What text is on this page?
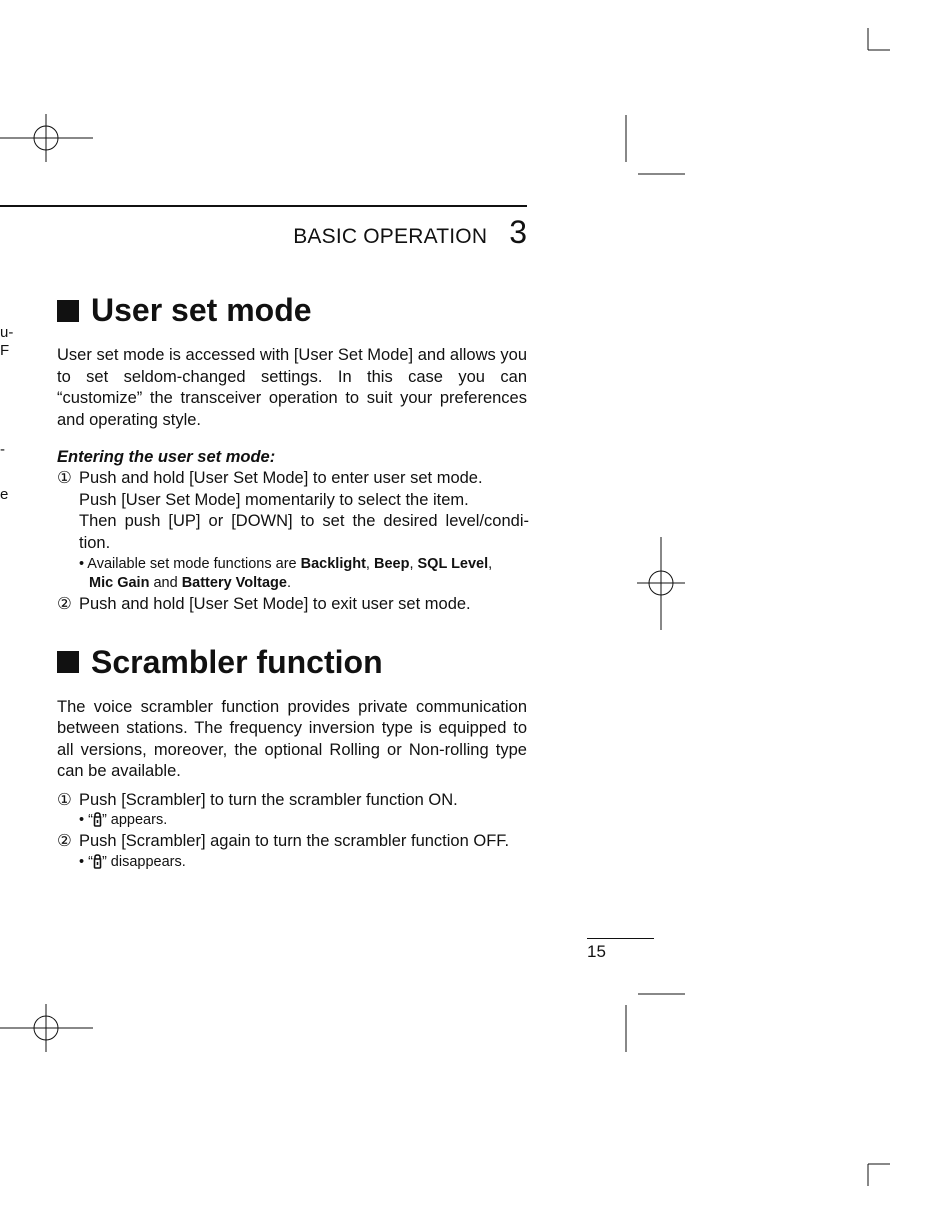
u-
F
-
e
BASIC OPERATION 3
User set mode

User set mode is accessed with [User Set Mode] and allows you to set seldom-changed settings. In this case you can “customize” the transceiver operation to suit your preferences and operating style.

Entering the user set mode:
① Push and hold [User Set Mode] to enter user set mode.
Push [User Set Mode] momentarily to select the item.
Then push [UP] or [DOWN] to set the desired level/condi-tion.
• Available set mode functions are Backlight, Beep, SQL Level,
Mic Gain and Battery Voltage.
② Push and hold [User Set Mode] to exit user set mode.
Scrambler function

The voice scrambler function provides private communication between stations. The frequency inversion type is equipped to all versions, moreover, the optional Rolling or Non-rolling type can be available.

① Push [Scrambler] to turn the scrambler function ON.
• “ ” appears.
② Push [Scrambler] again to turn the scrambler function OFF.
• “ ” disappears.
15
